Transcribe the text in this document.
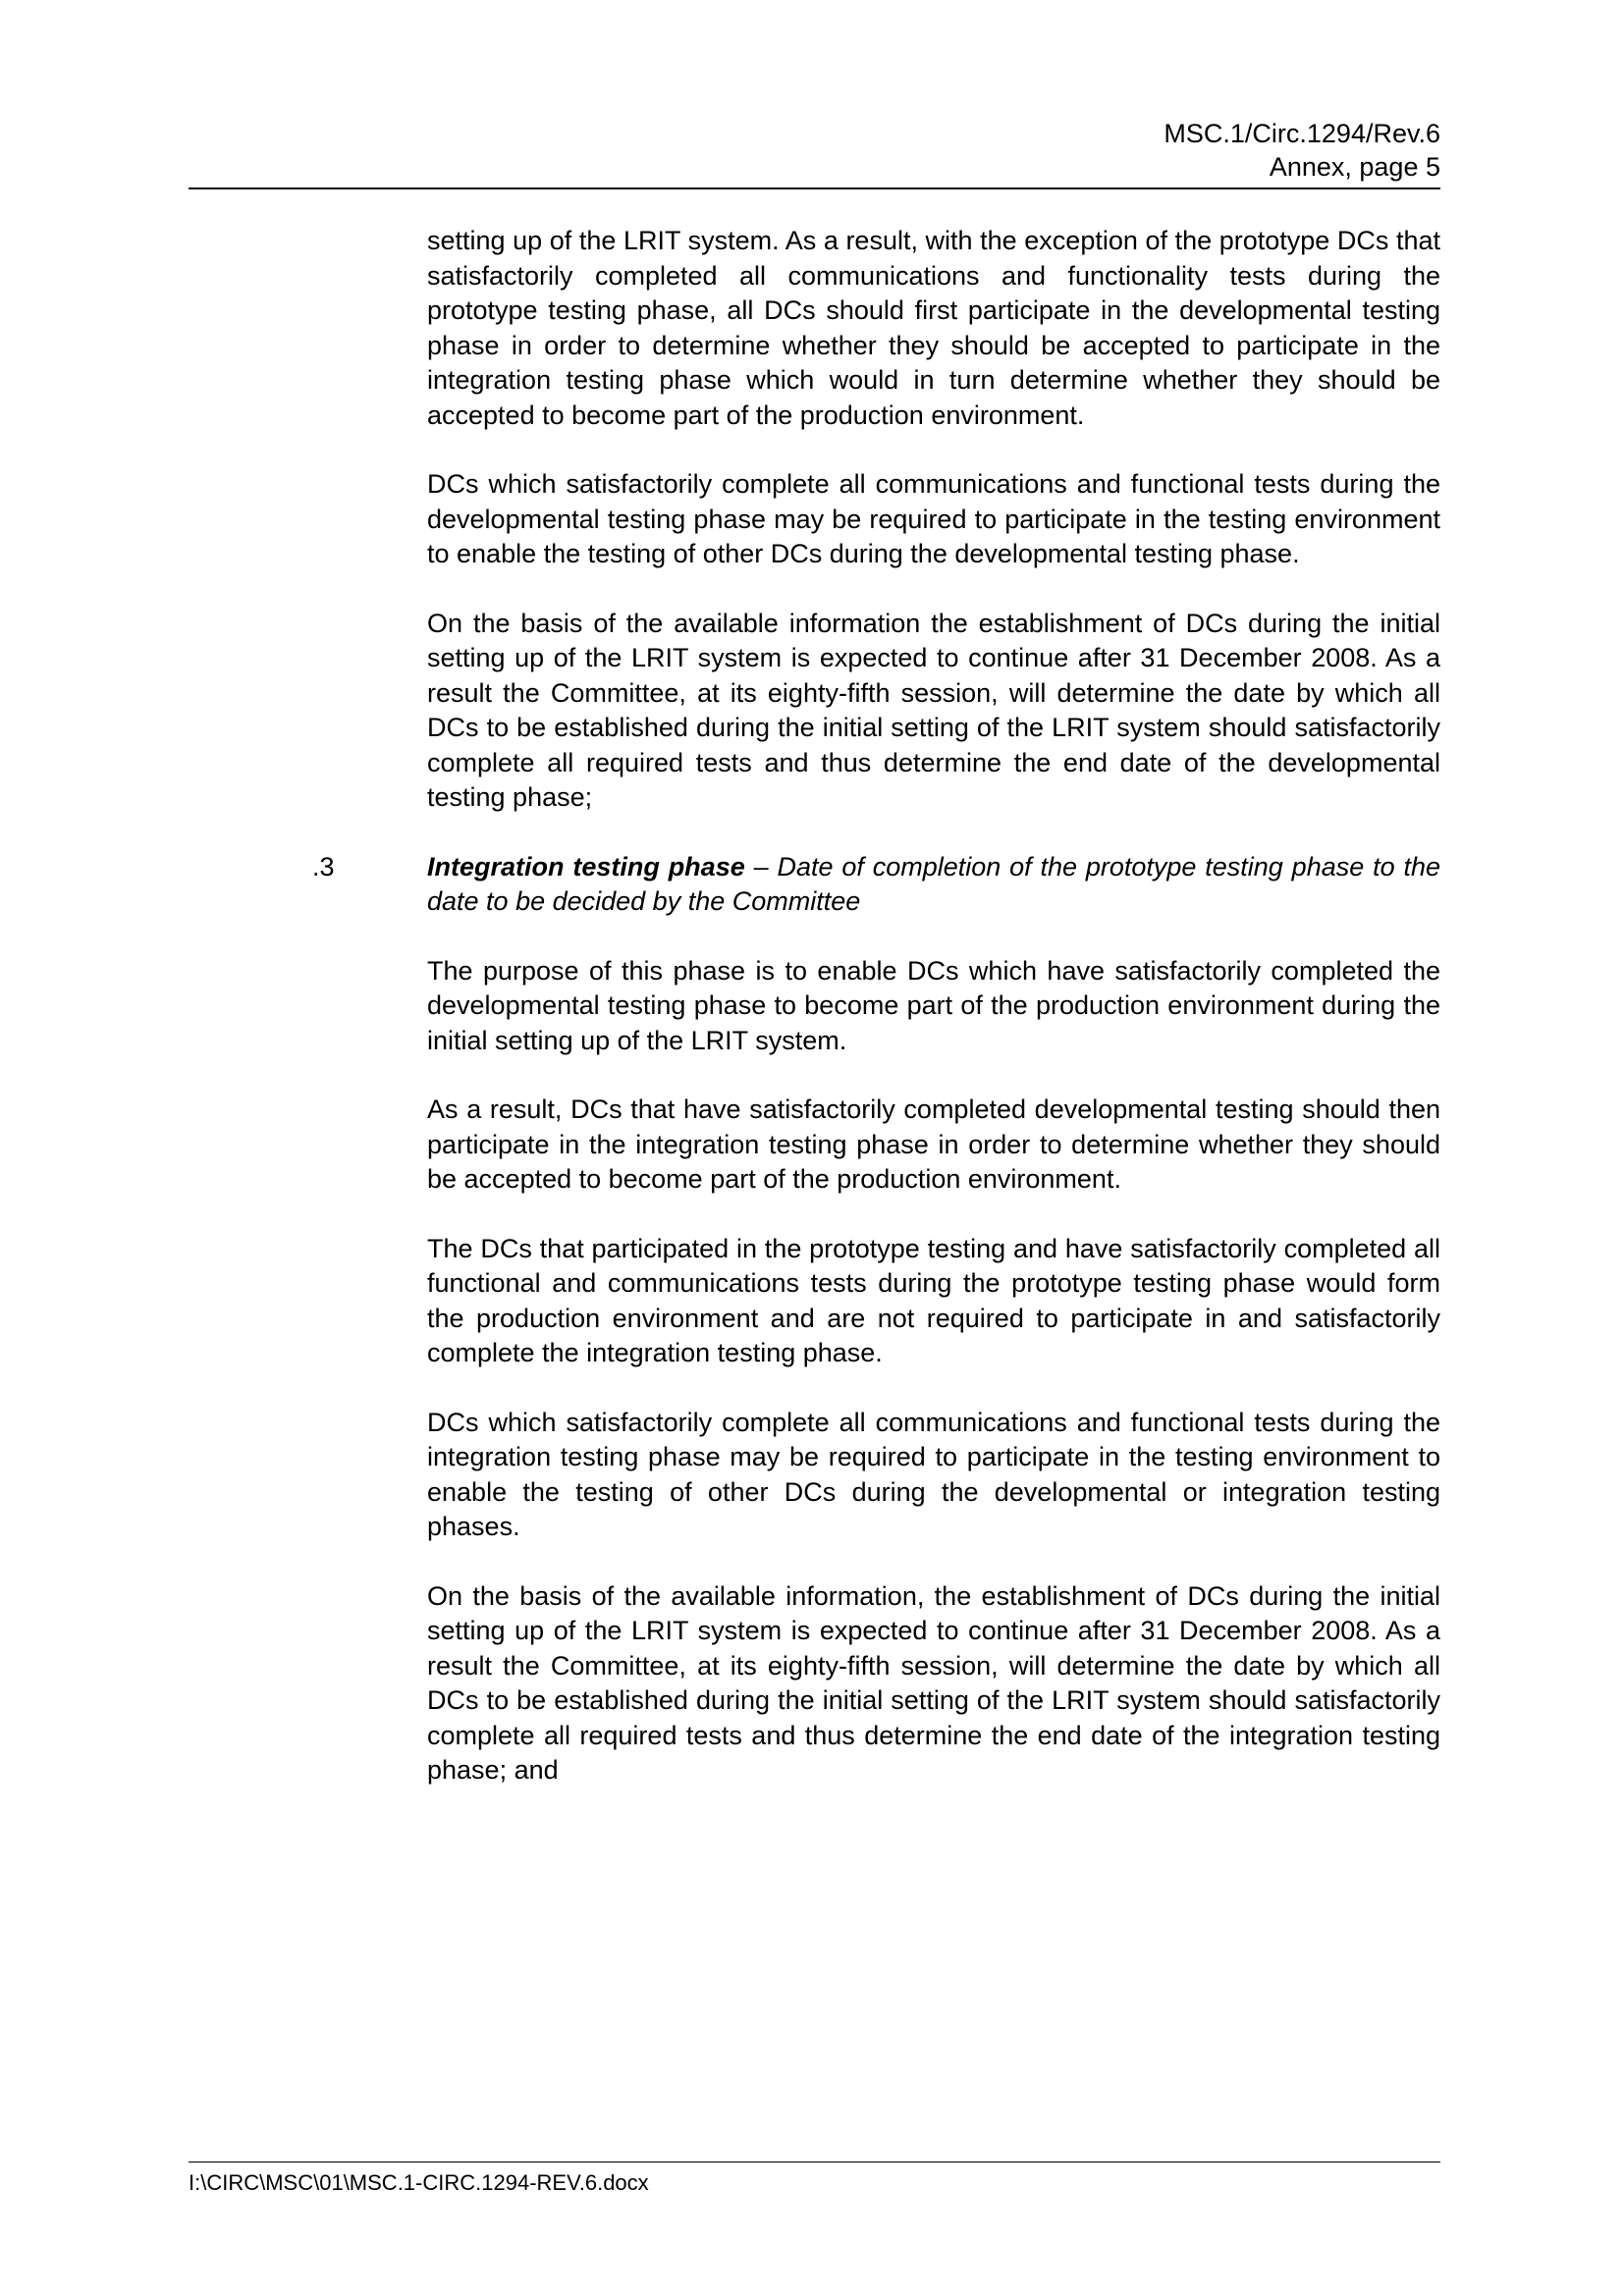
MSC.1/Circ.1294/Rev.6
Annex, page 5

setting up of the LRIT system. As a result, with the exception of the prototype DCs that satisfactorily completed all communications and functionality tests during the prototype testing phase, all DCs should first participate in the developmental testing phase in order to determine whether they should be accepted to participate in the integration testing phase which would in turn determine whether they should be accepted to become part of the production environment.

DCs which satisfactorily complete all communications and functional tests during the developmental testing phase may be required to participate in the testing environment to enable the testing of other DCs during the developmental testing phase.

On the basis of the available information the establishment of DCs during the initial setting up of the LRIT system is expected to continue after 31 December 2008. As a result the Committee, at its eighty-fifth session, will determine the date by which all DCs to be established during the initial setting of the LRIT system should satisfactorily complete all required tests and thus determine the end date of the developmental testing phase;

.3	Integration testing phase – Date of completion of the prototype testing phase to the date to be decided by the Committee

The purpose of this phase is to enable DCs which have satisfactorily completed the developmental testing phase to become part of the production environment during the initial setting up of the LRIT system.

As a result, DCs that have satisfactorily completed developmental testing should then participate in the integration testing phase in order to determine whether they should be accepted to become part of the production environment.

The DCs that participated in the prototype testing and have satisfactorily completed all functional and communications tests during the prototype testing phase would form the production environment and are not required to participate in and satisfactorily complete the integration testing phase.

DCs which satisfactorily complete all communications and functional tests during the integration testing phase may be required to participate in the testing environment to enable the testing of other DCs during the developmental or integration testing phases.

On the basis of the available information, the establishment of DCs during the initial setting up of the LRIT system is expected to continue after 31 December 2008. As a result the Committee, at its eighty-fifth session, will determine the date by which all DCs to be established during the initial setting of the LRIT system should satisfactorily complete all required tests and thus determine the end date of the integration testing phase; and

I:\CIRC\MSC\01\MSC.1-CIRC.1294-REV.6.docx
